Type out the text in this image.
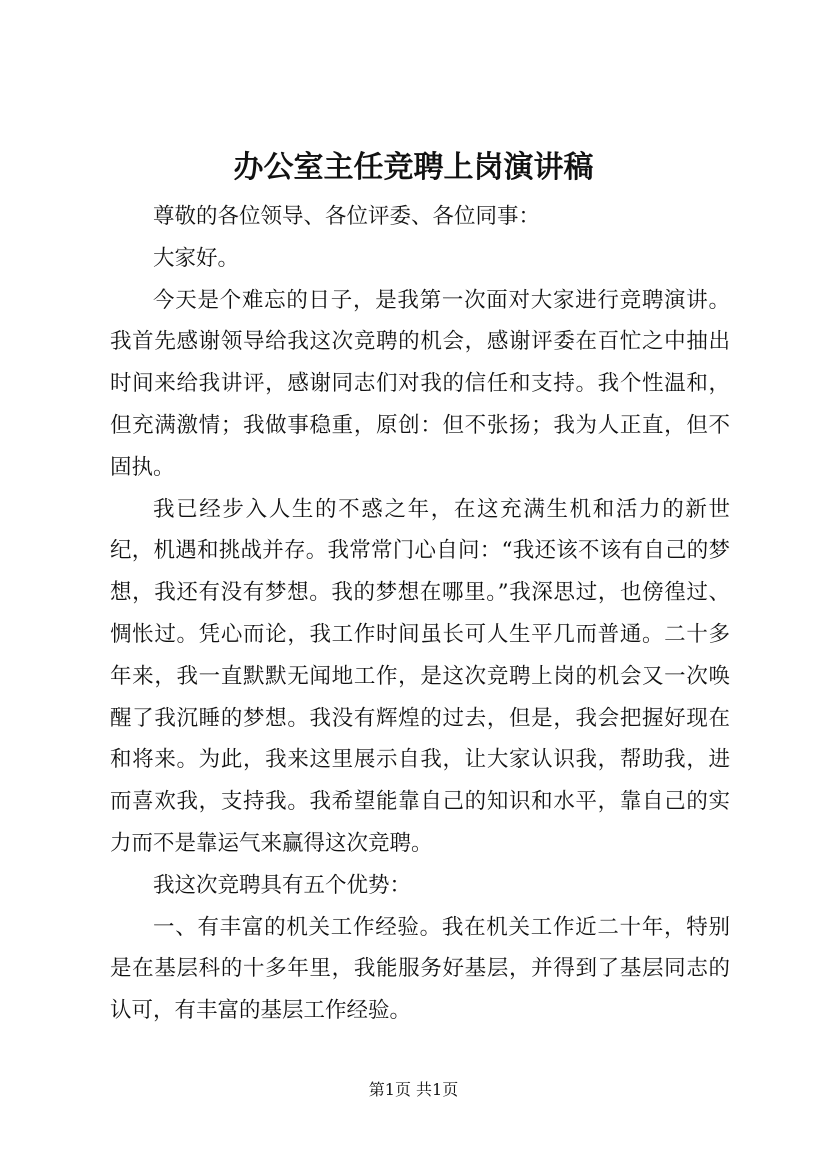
办公室主任竞聘上岗演讲稿

尊敬的各位领导、各位评委、各位同事：

大家好。

今天是个难忘的日子，是我第一次面对大家进行竞聘演讲。我首先感谢领导给我这次竞聘的机会，感谢评委在百忙之中抽出时间来给我讲评，感谢同志们对我的信任和支持。我个性温和，但充满激情；我做事稳重，原创：但不张扬；我为人正直，但不固执。

我已经步入人生的不惑之年，在这充满生机和活力的新世纪，机遇和挑战并存。我常常门心自问：“我还该不该有自己的梦想，我还有没有梦想。我的梦想在哪里。”我深思过，也傍徨过、惆怅过。凭心而论，我工作时间虽长可人生平几而普通。二十多年来，我一直默默无闻地工作，是这次竞聘上岗的机会又一次唤醒了我沉睡的梦想。我没有辉煌的过去，但是，我会把握好现在和将来。为此，我来这里展示自我，让大家认识我，帮助我，进而喜欢我，支持我。我希望能靠自己的知识和水平，靠自己的实力而不是靠运气来赢得这次竞聘。

我这次竞聘具有五个优势：

一、有丰富的机关工作经验。我在机关工作近二十年，特别是在基层科的十多年里，我能服务好基层，并得到了基层同志的认可，有丰富的基层工作经验。

第1页 共1页
